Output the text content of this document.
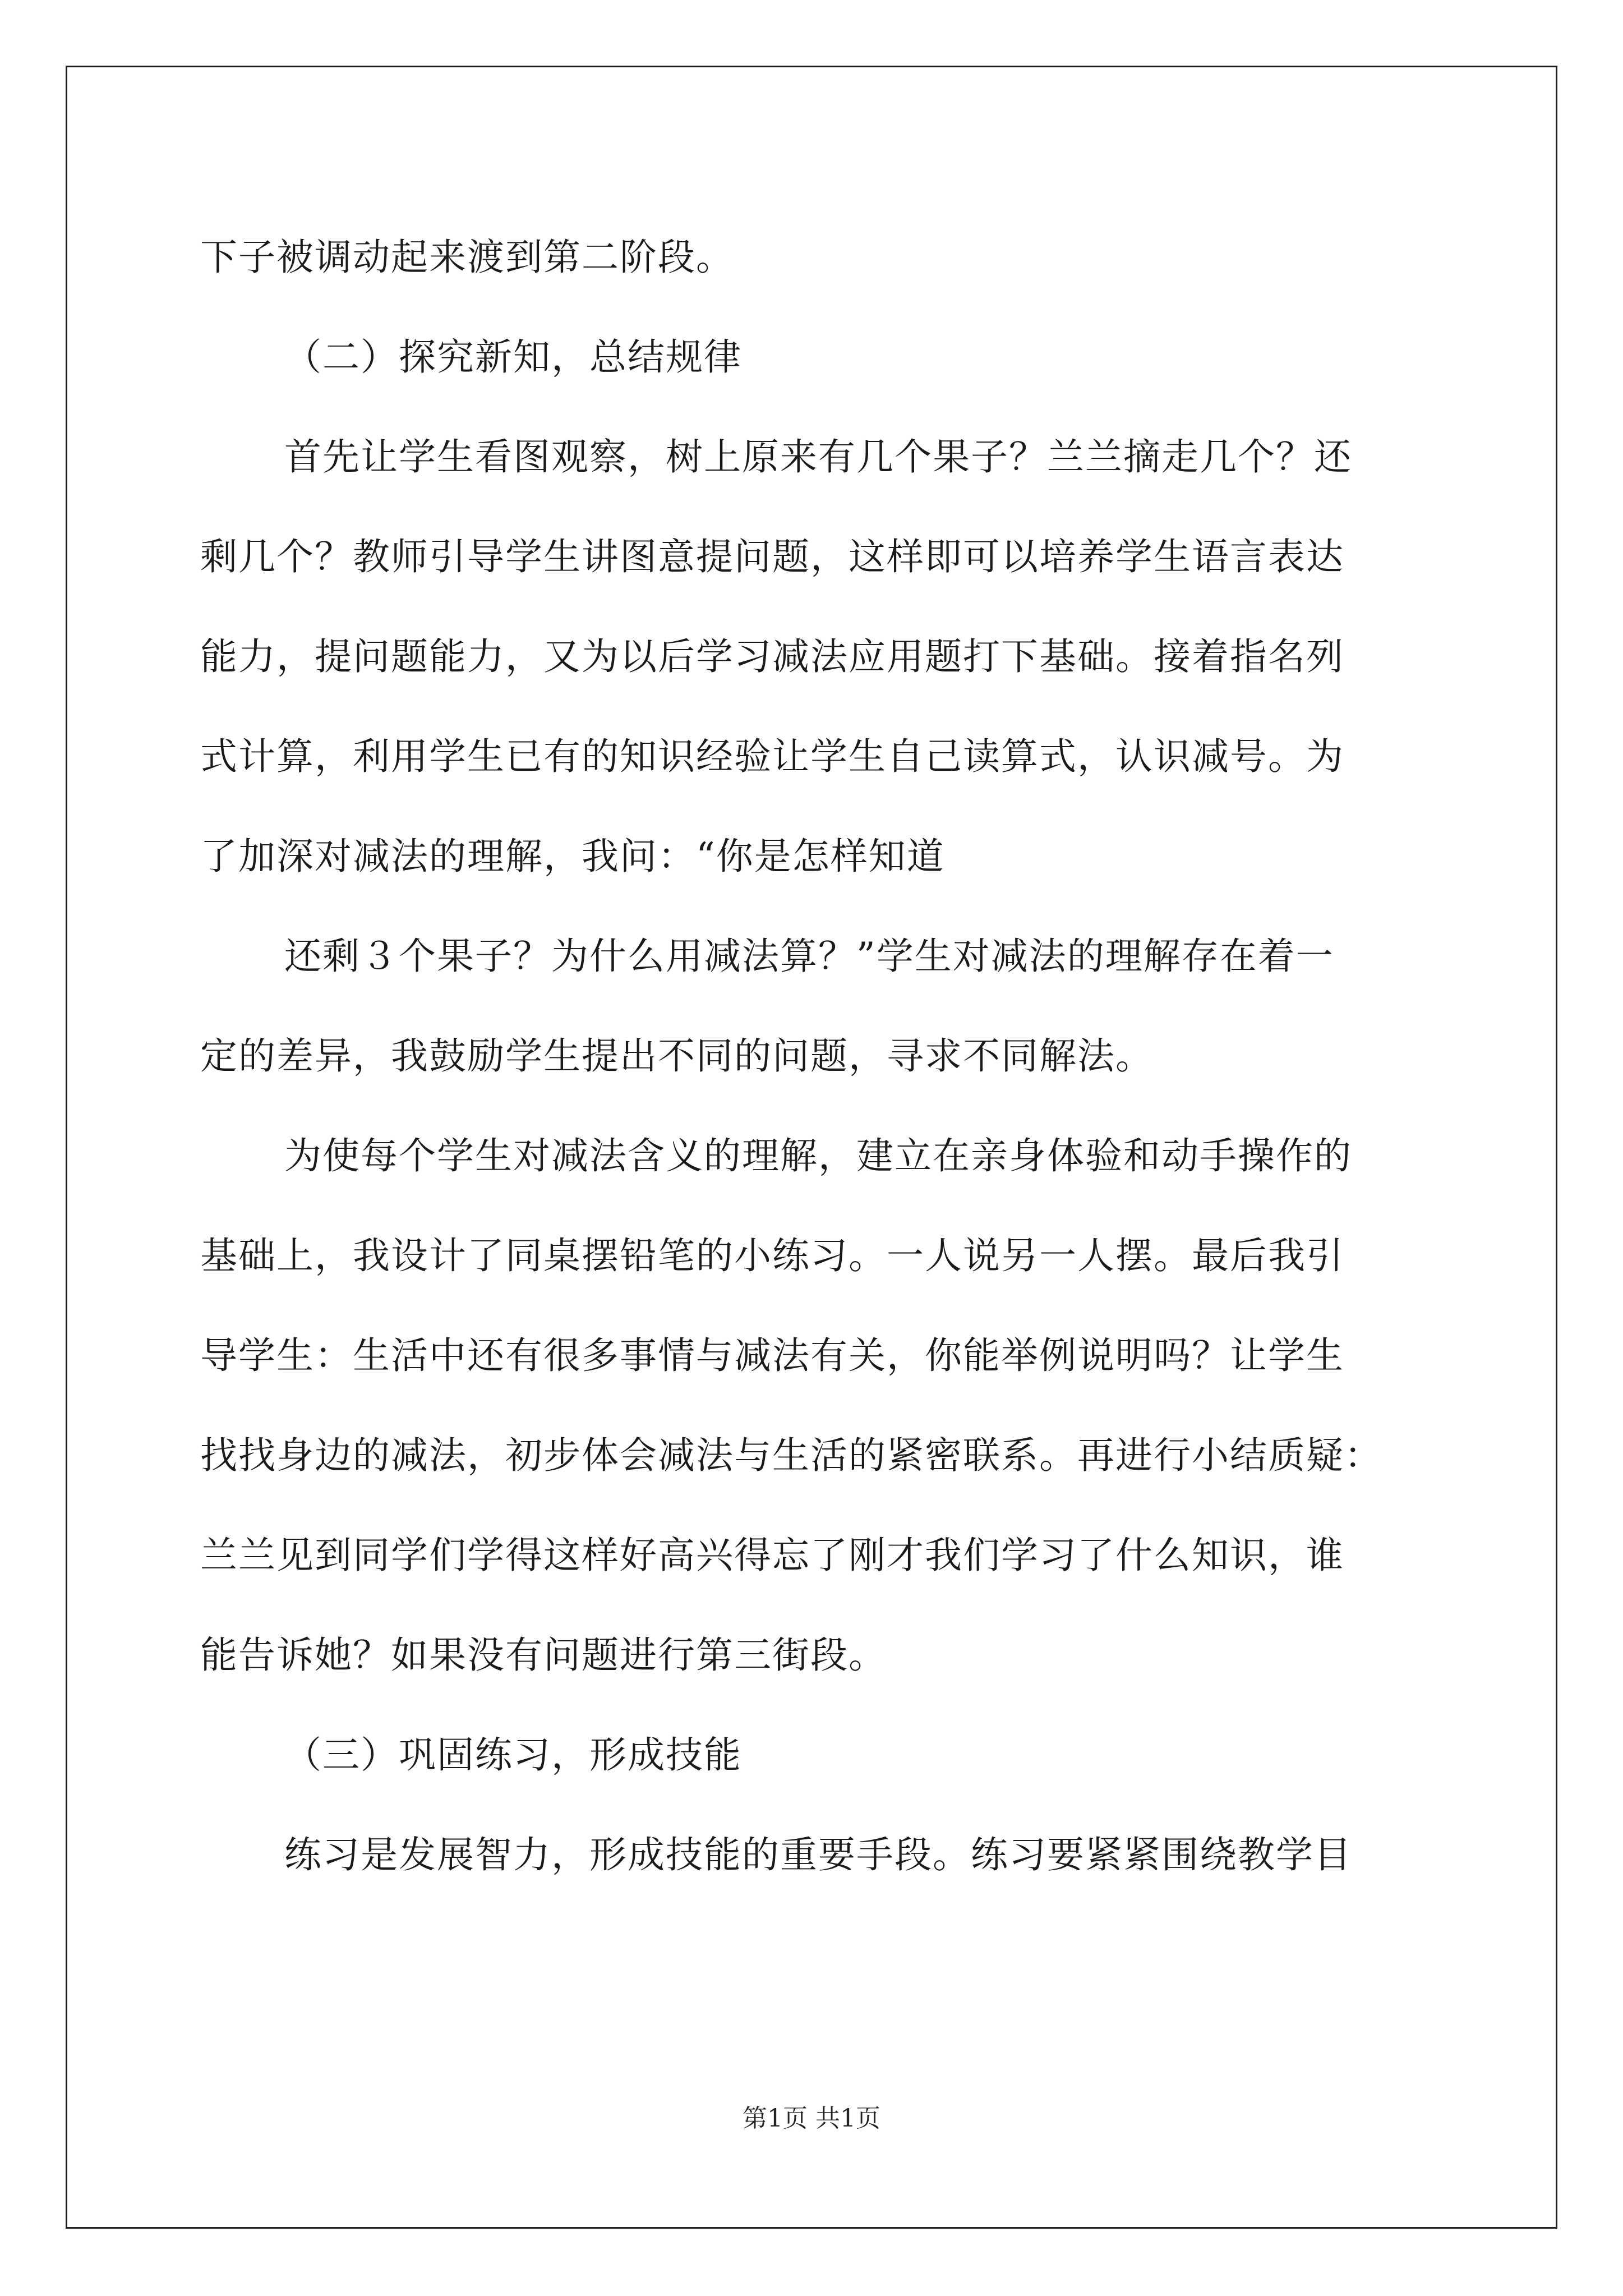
下子被调动起来渡到第二阶段。

（二）探究新知，总结规律

首先让学生看图观察，树上原来有几个果子？兰兰摘走几个？还

剩几个？教师引导学生讲图意提问题，这样即可以培养学生语言表达

能力，提问题能力，又为以后学习减法应用题打下基础。接着指名列

式计算，利用学生已有的知识经验让学生自己读算式，认识减号。为

了加深对减法的理解，我问：“你是怎样知道

还剩３个果子？为什么用减法算？”学生对减法的理解存在着一

定的差异，我鼓励学生提出不同的问题，寻求不同解法。

为使每个学生对减法含义的理解，建立在亲身体验和动手操作的

基础上，我设计了同桌摆铅笔的小练习。一人说另一人摆。最后我引

导学生：生活中还有很多事情与减法有关，你能举例说明吗？让学生

找找身边的减法，初步体会减法与生活的紧密联系。再进行小结质疑：

兰兰见到同学们学得这样好高兴得忘了刚才我们学习了什么知识，谁

能告诉她？如果没有问题进行第三街段。

（三）巩固练习，形成技能

练习是发展智力，形成技能的重要手段。练习要紧紧围绕教学目

第1页 共1页
